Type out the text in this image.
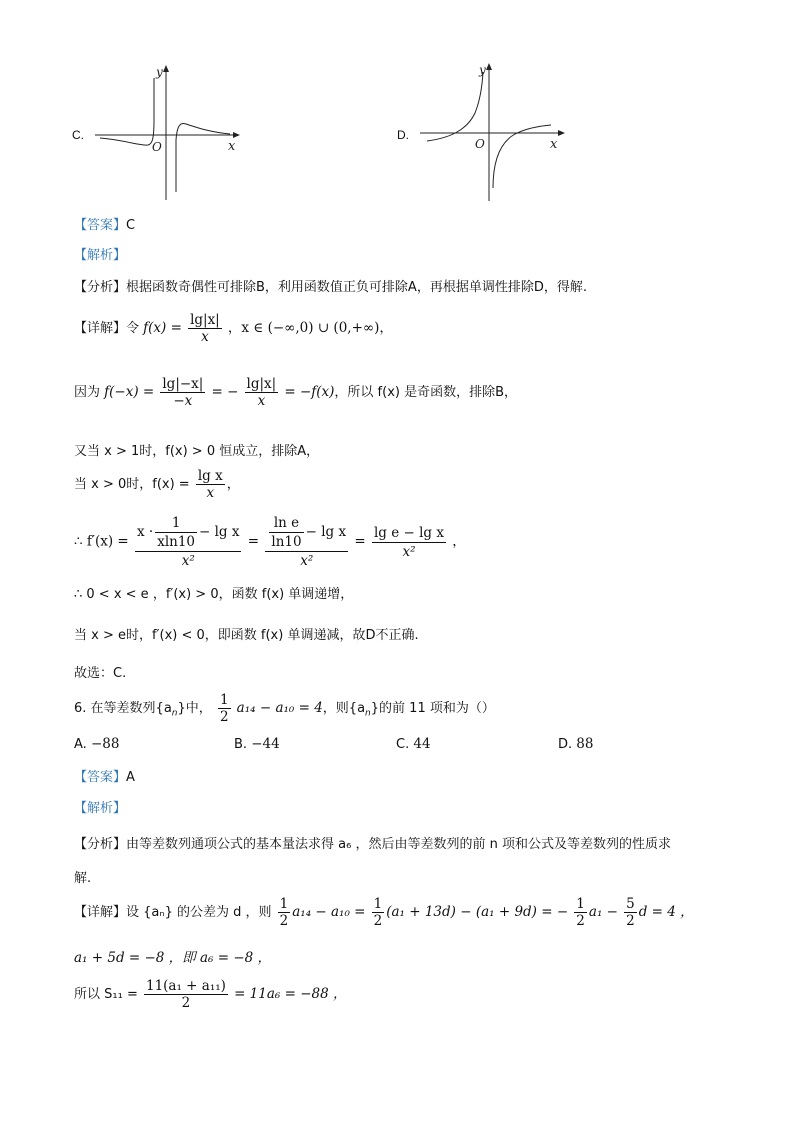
C.
y
x
O
D.
y
x
O
【答案】C
【解析】
【分析】根据函数奇偶性可排除B，利用函数值正负可排除A，再根据单调性排除D，得解.
【详解】令 $f(x) = \frac{\lg|x|}{x}$ ，x ∈ (−∞,0) ∪ (0,+∞)，
因为 $f(-x) = \frac{\lg|-x|}{-x}$ = − $\frac{\lg|x|}{x} = -f(x)$，所以 f(x) 是奇函数，排除B，
又当 x > 1时，f(x) > 0 恒成立，排除A，
当 x > 0时，$f(x) = \frac{\text{lg x}}{x}$ ，
∴ $f'(x) = \frac{x \cdot \frac{1}{xln10} - \lg x}{\text{x²}} = \frac{\frac{\text{ln e}}{\ln 10} - \lg x}{\text{x²}} = \frac{\text{lg e − lg x}}{\text{x²}}$ ，
∴ 0 < x < e ，f′(x) > 0，函数 f(x) 单调递增，
当 x > e时，f′(x) < 0，即函数 f(x) 单调递减，故D不正确.
故选：C.
6. 在等差数列$\{a_n\}$中， $\frac{1}{2} a_{14} - a_{10} = 4$，则$\{a_n\}$的前 11 项和为（）
A. −88	B. −44	C. 44	D. 88
【答案】A
【解析】
【分析】由等差数列通项公式的基本量法求得 a₆ ，然后由等差数列的前 n 项和公式及等差数列的性质求
解.
【详解】设 {aₙ} 的公差为 d ，则 $\frac{1}{2} a_{14} - a_{10} = \frac{1}{2} (a_1 + 13d) - (a_1 + 9d)$ = − $\frac{1}{2} a_1 - \frac{5}{2}$ d = 4 ，
a₁ + 5d = −8 ，即 a₆ = −8 ，
所以 $S_{11} = \frac{\text{11(a₁ + a₁₁)}}{2} = 11a_6 = -88$ ，
